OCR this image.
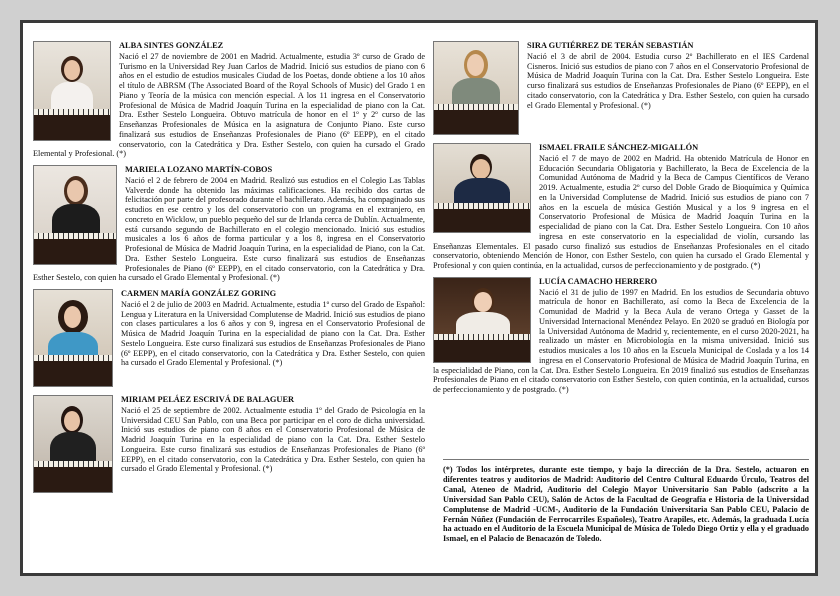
ALBA SINTES GONZÁLEZ

Nació el 27 de noviembre de 2001 en Madrid. Actualmente, estudia 3º curso de Grado de Turismo en la Universidad Rey Juan Carlos de Madrid. Inició sus estudios de piano con 6 años en el estudio de estudios musicales Ciudad de los Poetas, donde obtiene a los 10 años el título de ABRSM (The Associated Board of the Royal Schools of Music) del Grado 1 en Piano y Teoría de la música con mención especial. A los 11 ingresa en el Conservatorio Profesional de Música de Madrid Joaquín Turina en la especialidad de piano con la Cat. Dra. Esther Sestelo Longueira. Obtuvo matrícula de honor en el 1º y 2º curso de las Enseñanzas Profesionales de Música en la asignatura de Conjunto Piano. Este curso finalizará sus estudios de Enseñanzas Profesionales de Piano (6º EEPP), en el citado conservatorio, con la Catedrática y Dra. Esther Sestelo, con quien ha cursado el Grado Elemental y Profesional. (*)

MARIELA LOZANO MARTÍN-COBOS

Nació el 2 de febrero de 2004 en Madrid. Realizó sus estudios en el Colegio Las Tablas Valverde donde ha obtenido las máximas calificaciones. Ha recibido dos cartas de felicitación por parte del profesorado durante el bachillerato. Además, ha compaginado sus estudios en ese centro y los del conservatorio con un programa en el extranjero, en concreto en Wicklow, un pueblo pequeño del sur de Irlanda cerca de Dublín. Actualmente, está cursando segundo de Bachillerato en el colegio mencionado. Inició sus estudios musicales a los 6 años de forma particular y a los 8, ingresa en el Conservatorio Profesional de Música de Madrid Joaquín Turina, en la especialidad de Piano, con la Cat. Dra. Esther Sestelo Longueira. Este curso finalizará sus estudios de Enseñanzas Profesionales de Piano (6º EEPP), en el citado conservatorio, con la Catedrática y Dra. Esther Sestelo, con quien ha cursado el Grado Elemental y Profesional. (*)

CARMEN MARÍA GONZÁLEZ GORING

Nació el 2 de julio de 2003 en Madrid. Actualmente, estudia 1º curso del Grado de Español: Lengua y Literatura en la Universidad Complutense de Madrid. Inició sus estudios de piano con clases particulares a los 6 años y con 9, ingresa en el Conservatorio Profesional de Música de Madrid Joaquín Turina en la especialidad de piano con la Cat. Dra. Esther Sestelo Longueira. Este curso finalizará sus estudios de Enseñanzas Profesionales de Piano (6º EEPP), en el citado conservatorio, con la Catedrática y Dra. Esther Sestelo, con quien ha cursado el Grado Elemental y Profesional. (*)

MIRIAM PELÁEZ ESCRIVÁ DE BALAGUER

Nació el 25 de septiembre de 2002. Actualmente estudia 1º del Grado de Psicología en la Universidad CEU San Pablo, con una Beca por participar en el coro de dicha universidad. Inició sus estudios de piano con 8 años en el Conservatorio Profesional de Música de Madrid Joaquín Turina en la especialidad de piano con la Cat. Dra. Esther Sestelo Longueira. Este curso finalizará sus estudios de Enseñanzas Profesionales de Piano (6º EEPP), en el citado conservatorio, con la Catedrática y Dra. Esther Sestelo, con quien ha cursado el Grado Elemental y Profesional. (*)

SIRA GUTIÉRREZ DE TERÁN SEBASTIÁN

Nació el 3 de abril de 2004. Estudia curso 2º Bachillerato en el IES Cardenal Cisneros. Inició sus estudios de piano con 7 años en el Conservatorio Profesional de Música de Madrid Joaquín Turina con la Cat. Dra. Esther Sestelo Longueira. Este curso finalizará sus estudios de Enseñanzas Profesionales de Piano (6º EEPP), en el citado conservatorio, con la Catedrática y Dra. Esther Sestelo, con quien ha cursado el Grado Elemental y Profesional. (*)

ISMAEL FRAILE SÁNCHEZ-MIGALLÓN

Nació el 7 de mayo de 2002 en Madrid. Ha obtenido Matrícula de Honor en Educación Secundaria Obligatoria y Bachillerato, la Beca de Excelencia de la Comunidad Autónoma de Madrid y la Beca de Campus Científicos de Verano 2019. Actualmente, estudia 2º curso del Doble Grado de Bioquímica y Química en la Universidad Complutense de Madrid. Inició sus estudios de piano con 7 años en la escuela de música Gestión Musical y a los 9 ingresa en el Conservatorio Profesional de Música de Madrid Joaquín Turina en la especialidad de piano con la Cat. Dra. Esther Sestelo Longueira. Con 10 años ingresa en este conservatorio en la especialidad de violín, cursando las Enseñanzas Elementales. El pasado curso finalizó sus estudios de Enseñanzas Profesionales en el citado conservatorio, obteniendo Mención de Honor, con Esther Sestelo, con quien ha cursado el Grado Elemental y Profesional y con quien continúa, en la actualidad, cursos de perfeccionamiento y de postgrado. (*)

LUCÍA CAMACHO HERRERO

Nació el 31 de julio de 1997 en Madrid. En los estudios de Secundaria obtuvo matrícula de honor en Bachillerato, así como la Beca de Excelencia de la Comunidad de Madrid y la Beca Aula de verano Ortega y Gasset de la Universidad Internacional Menéndez Pelayo. En 2020 se graduó en Biología por la Universidad Autónoma de Madrid y, recientemente, en el curso 2020-2021, ha realizado un máster en Microbiología en la misma universidad. Inició sus estudios musicales a los 10 años en la Escuela Municipal de Coslada y a los 14 ingresa en el Conservatorio Profesional de Música de Madrid Joaquín Turina, en la especialidad de Piano, con la Cat. Dra. Esther Sestelo Longueira. En 2019 finalizó sus estudios de Enseñanzas Profesionales de Piano en el citado conservatorio con Esther Sestelo, con quien continúa, en la actualidad, cursos de perfeccionamiento y de postgrado. (*)

(*) Todos los intérpretes, durante este tiempo, y bajo la dirección de la Dra. Sestelo, actuaron en diferentes teatros y auditorios de Madrid: Auditorio del Centro Cultural Eduardo Úrculo, Teatros del Canal, Ateneo de Madrid, Auditorio del Colegio Mayor Universitario San Pablo (adscrito a la Universidad San Pablo CEU), Salón de Actos de la Facultad de Geografía e Historia de la Universidad Complutense de Madrid -UCM-, Auditorio de la Fundación Universitaria San Pablo CEU, Palacio de Fernán Núñez (Fundación de Ferrocarriles Españoles), Teatro Arapiles, etc. Además, la graduada Lucía ha actuado en el Auditorio de la Escuela Municipal de Música de Toledo Diego Ortiz y ella y el graduado Ismael, en el Palacio de Benacazón de Toledo.
